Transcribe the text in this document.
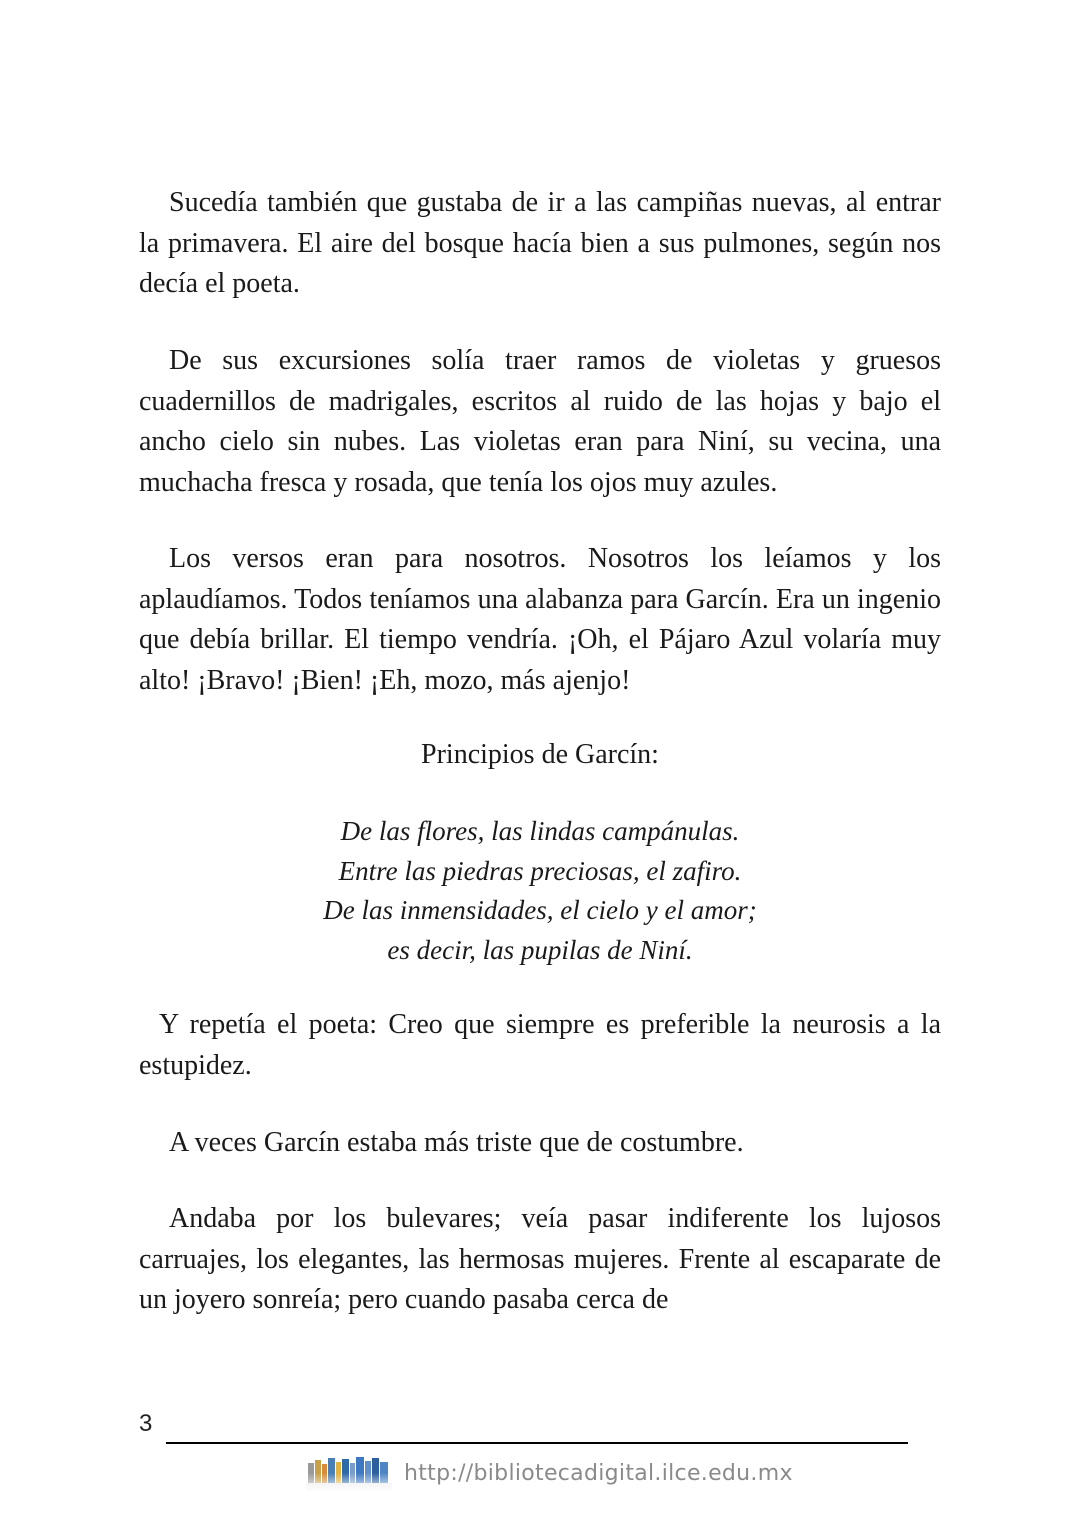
Sucedía también que gustaba de ir a las campiñas nuevas, al entrar la primavera. El aire del bosque hacía bien a sus pulmones, según nos decía el poeta.

De sus excursiones solía traer ramos de violetas y gruesos cuadernillos de madrigales, escritos al ruido de las hojas y bajo el ancho cielo sin nubes. Las violetas eran para Niní, su vecina, una muchacha fresca y rosada, que tenía los ojos muy azules.

Los versos eran para nosotros. Nosotros los leíamos y los aplaudíamos. Todos teníamos una alabanza para Garcín. Era un ingenio que debía brillar. El tiempo vendría. ¡Oh, el Pájaro Azul volaría muy alto! ¡Bravo! ¡Bien! ¡Eh, mozo, más ajenjo!

Principios de Garcín:

De las flores, las lindas campánulas.
Entre las piedras preciosas, el zafiro.
De las inmensidades, el cielo y el amor;
es decir, las pupilas de Niní.

Y repetía el poeta: Creo que siempre es preferible la neurosis a la estupidez.

A veces Garcín estaba más triste que de costumbre.

Andaba por los bulevares; veía pasar indiferente los lujosos carruajes, los elegantes, las hermosas mujeres. Frente al escaparate de un joyero sonreía; pero cuando pasaba cerca de

3
http://bibliotecadigital.ilce.edu.mx
